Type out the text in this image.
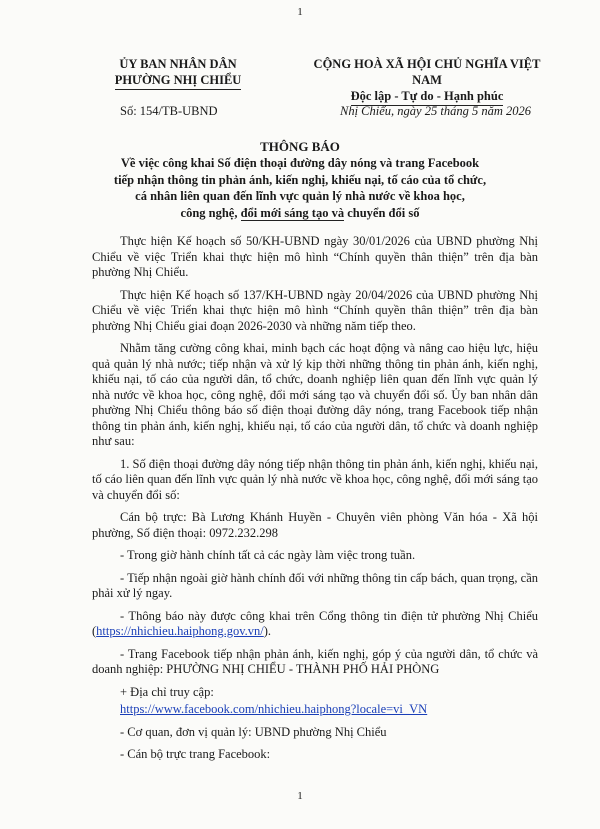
1
ỦY BAN NHÂN DÂN
PHƯỜNG NHỊ CHIỂU
CỘNG HOÀ XÃ HỘI CHỦ NGHĨA VIỆT NAM
Độc lập - Tự do - Hạnh phúc
Số: 154/TB-UBND	Nhị Chiểu, ngày 25 tháng 5 năm 2026
THÔNG BÁO
Về việc công khai Số điện thoại đường dây nóng và trang Facebook
tiếp nhận thông tin phản ánh, kiến nghị, khiếu nại, tố cáo của tổ chức,
cá nhân liên quan đến lĩnh vực quản lý nhà nước về khoa học,
công nghệ, đổi mới sáng tạo và chuyển đổi số

Thực hiện Kế hoạch số 50/KH-UBND ngày 30/01/2026 của UBND phường Nhị Chiểu về việc Triển khai thực hiện mô hình “Chính quyền thân thiện” trên địa bàn phường Nhị Chiểu.

Thực hiện Kế hoạch số 137/KH-UBND ngày 20/04/2026 của UBND phường Nhị Chiểu về việc Triển khai thực hiện mô hình “Chính quyền thân thiện” trên địa bàn phường Nhị Chiểu giai đoạn 2026-2030 và những năm tiếp theo.

Nhằm tăng cường công khai, minh bạch các hoạt động và nâng cao hiệu lực, hiệu quả quản lý nhà nước; tiếp nhận và xử lý kịp thời những thông tin phản ánh, kiến nghị, khiếu nại, tố cáo của người dân, tổ chức, doanh nghiệp liên quan đến lĩnh vực quản lý nhà nước về khoa học, công nghệ, đổi mới sáng tạo và chuyển đổi số. Ủy ban nhân dân phường Nhị Chiểu thông báo số điện thoại đường dây nóng, trang Facebook tiếp nhận thông tin phản ánh, kiến nghị, khiếu nại, tố cáo của người dân, tổ chức và doanh nghiệp như sau:

1. Số điện thoại đường dây nóng tiếp nhận thông tin phản ánh, kiến nghị, khiếu nại, tố cáo liên quan đến lĩnh vực quản lý nhà nước về khoa học, công nghệ, đổi mới sáng tạo và chuyển đổi số:

Cán bộ trực: Bà Lương Khánh Huyền - Chuyên viên phòng Văn hóa - Xã hội phường, Số điện thoại: 0972.232.298

- Trong giờ hành chính tất cả các ngày làm việc trong tuần.

- Tiếp nhận ngoài giờ hành chính đối với những thông tin cấp bách, quan trọng, cần phải xử lý ngay.

- Thông báo này được công khai trên Cổng thông tin điện tử phường Nhị Chiểu (https://nhichieu.haiphong.gov.vn/).

- Trang Facebook tiếp nhận phản ánh, kiến nghị, góp ý của người dân, tổ chức và doanh nghiệp: PHƯỜNG NHỊ CHIỂU - THÀNH PHỐ HẢI PHÒNG

+ Địa chỉ truy cập:

https://www.facebook.com/nhichieu.haiphong?locale=vi_VN

- Cơ quan, đơn vị quản lý: UBND phường Nhị Chiểu

- Cán bộ trực trang Facebook:

1
